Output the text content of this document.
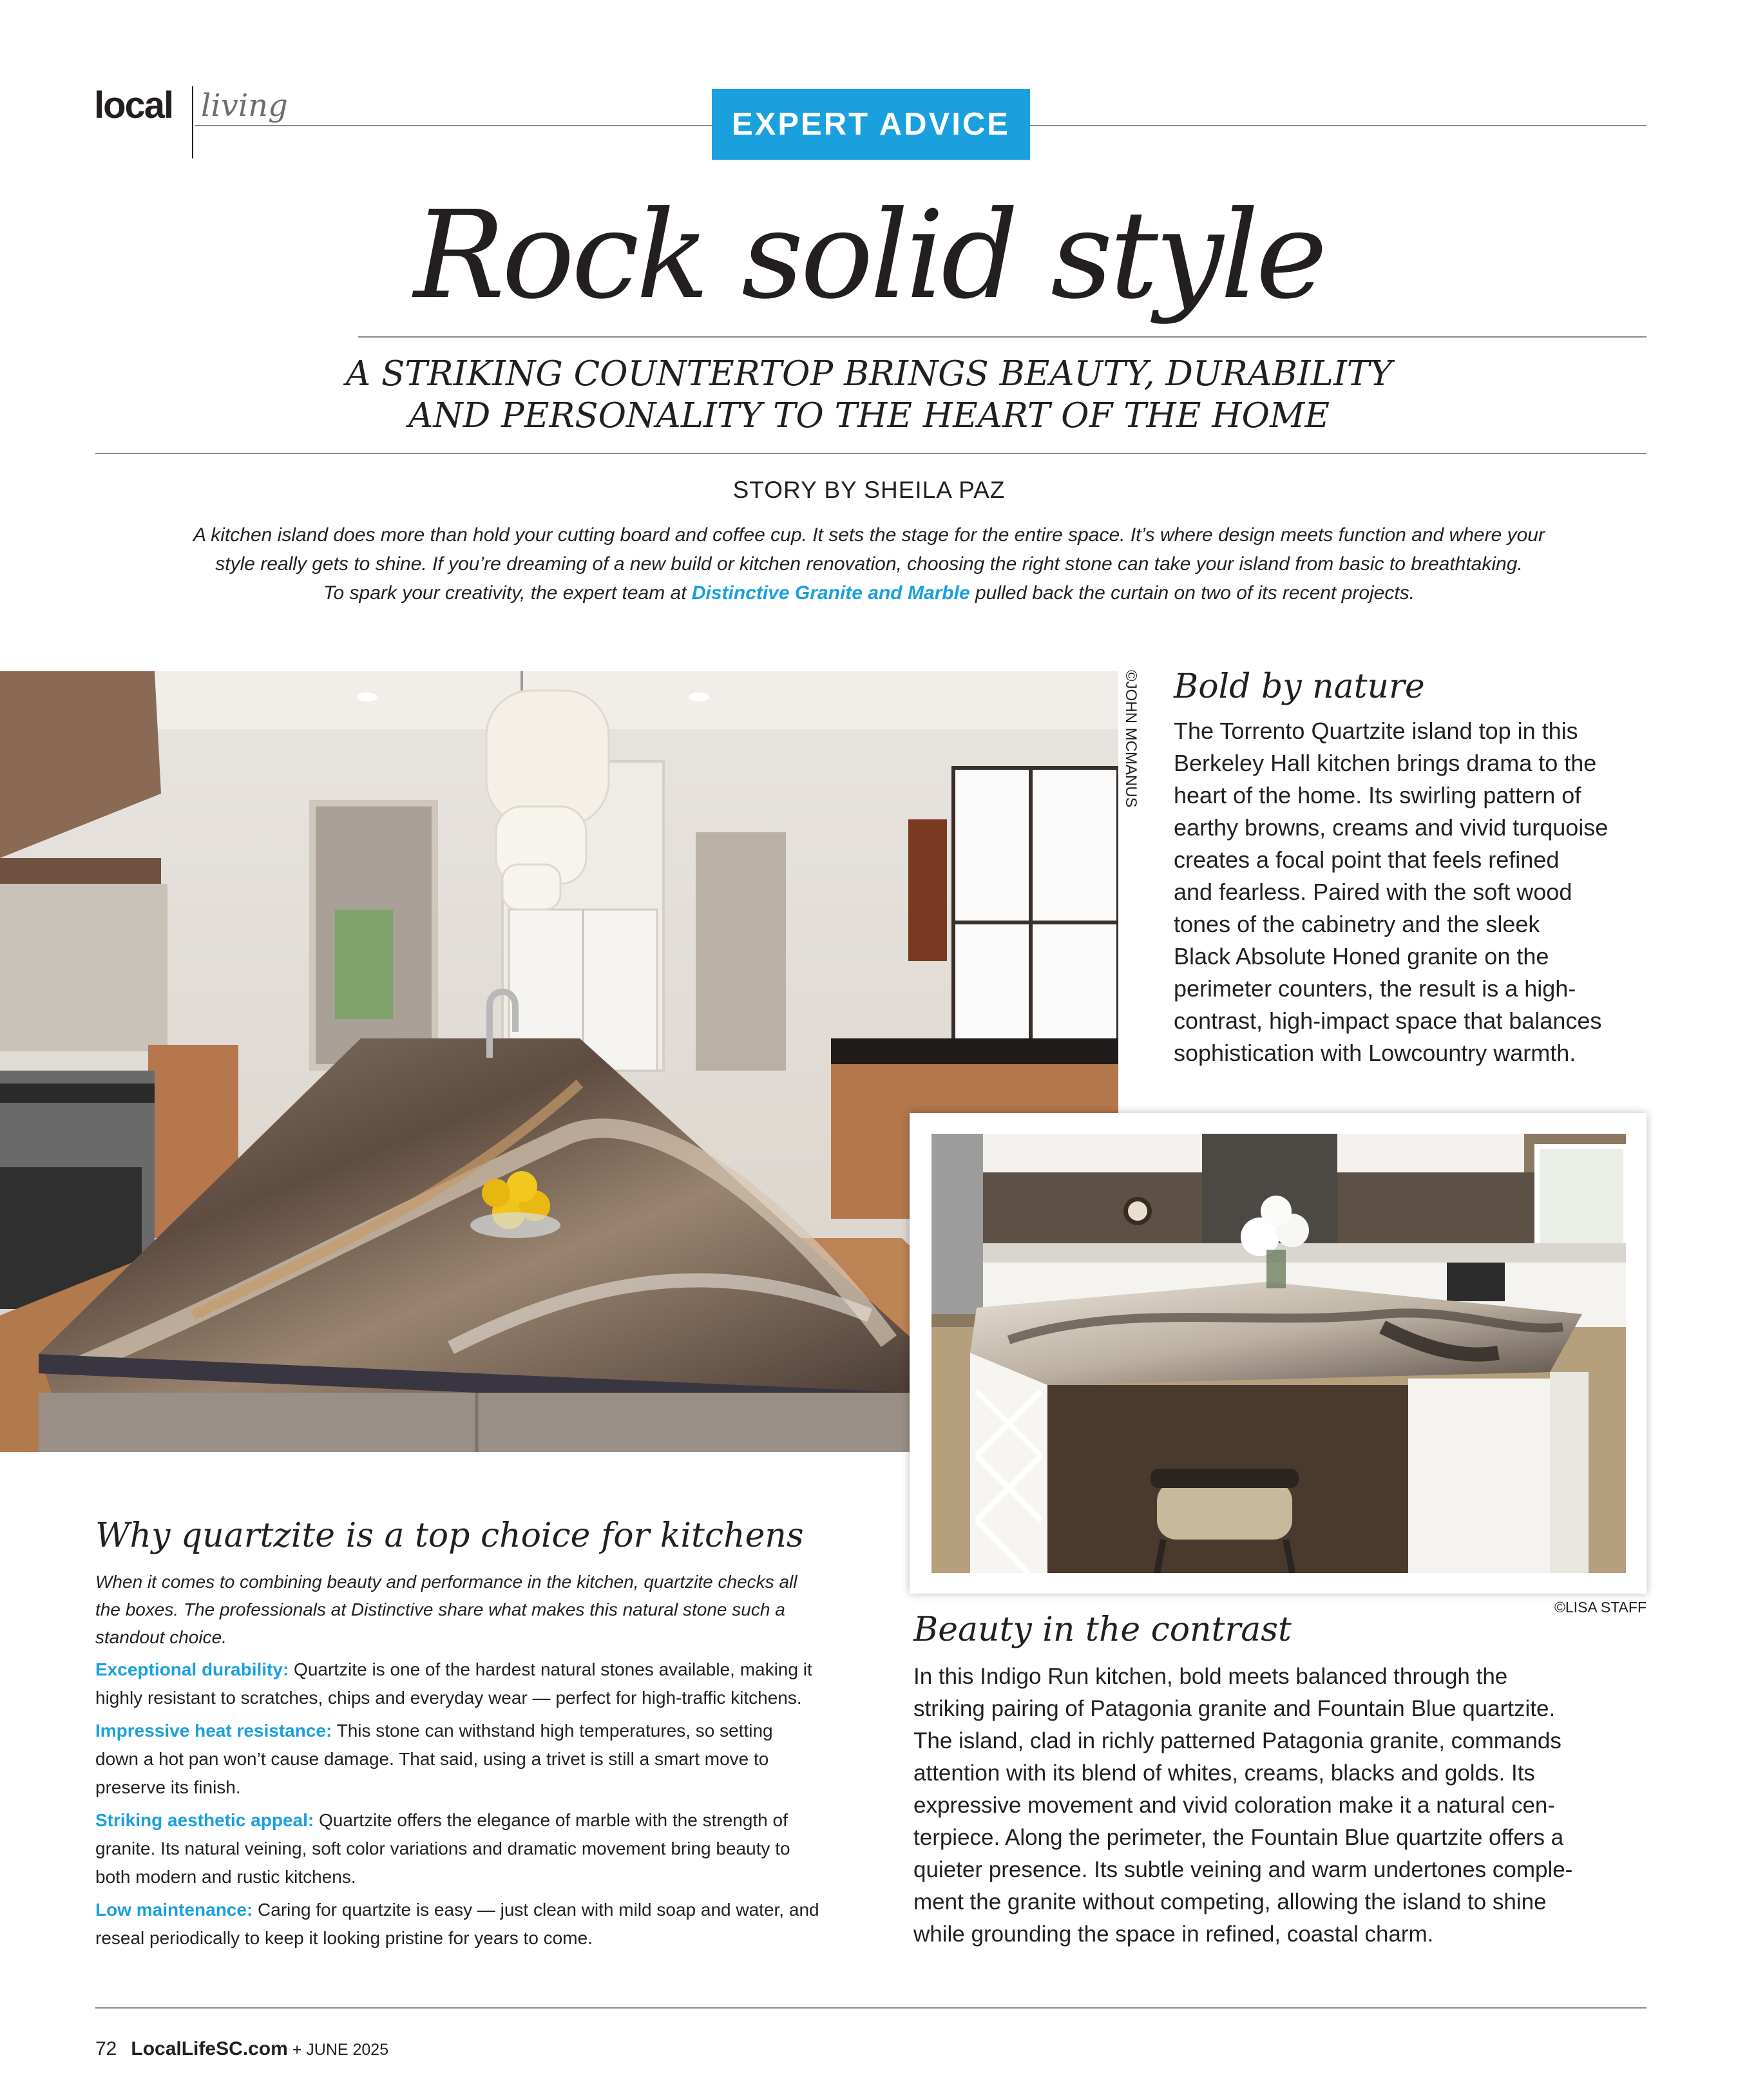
local living
EXPERT ADVICE
Rock solid style
A STRIKING COUNTERTOP BRINGS BEAUTY, DURABILITY
AND PERSONALITY TO THE HEART OF THE HOME
STORY BY SHEILA PAZ
A kitchen island does more than hold your cutting board and coffee cup. It sets the stage for the entire space. It’s where design meets function and where your
style really gets to shine. If you’re dreaming of a new build or kitchen renovation, choosing the right stone can take your island from basic to breathtaking.
To spark your creativity, the expert team at Distinctive Granite and Marble pulled back the curtain on two of its recent projects.
©JOHN MCMANUS Bold by nature
The Torrento Quartzite island top in this
Berkeley Hall kitchen brings drama to the
heart of the home. Its swirling pattern of
earthy browns, creams and vivid turquoise
creates a focal point that feels refined
and fearless. Paired with the soft wood
tones of the cabinetry and the sleek
Black Absolute Honed granite on the
perimeter counters, the result is a high-
contrast, high-impact space that balances
sophistication with Lowcountry warmth.
©LISA STAFF
Why quartzite is a top choice for kitchens
When it comes to combining beauty and performance in the kitchen, quartzite checks all
the boxes. The professionals at Distinctive share what makes this natural stone such a
standout choice.
Exceptional durability: Quartzite is one of the hardest natural stones available, making it
highly resistant to scratches, chips and everyday wear — perfect for high-traffic kitchens.
Impressive heat resistance: This stone can withstand high temperatures, so setting
down a hot pan won’t cause damage. That said, using a trivet is still a smart move to
preserve its finish.
Striking aesthetic appeal: Quartzite offers the elegance of marble with the strength of
granite. Its natural veining, soft color variations and dramatic movement bring beauty to
both modern and rustic kitchens.
Low maintenance: Caring for quartzite is easy — just clean with mild soap and water, and
reseal periodically to keep it looking pristine for years to come.
Beauty in the contrast
In this Indigo Run kitchen, bold meets balanced through the
striking pairing of Patagonia granite and Fountain Blue quartzite.
The island, clad in richly patterned Patagonia granite, commands
attention with its blend of whites, creams, blacks and golds. Its
expressive movement and vivid coloration make it a natural cen-
terpiece. Along the perimeter, the Fountain Blue quartzite offers a
quieter presence. Its subtle veining and warm undertones comple-
ment the granite without competing, allowing the island to shine
while grounding the space in refined, coastal charm.
72 LocalLifeSC.com + JUNE 2025
